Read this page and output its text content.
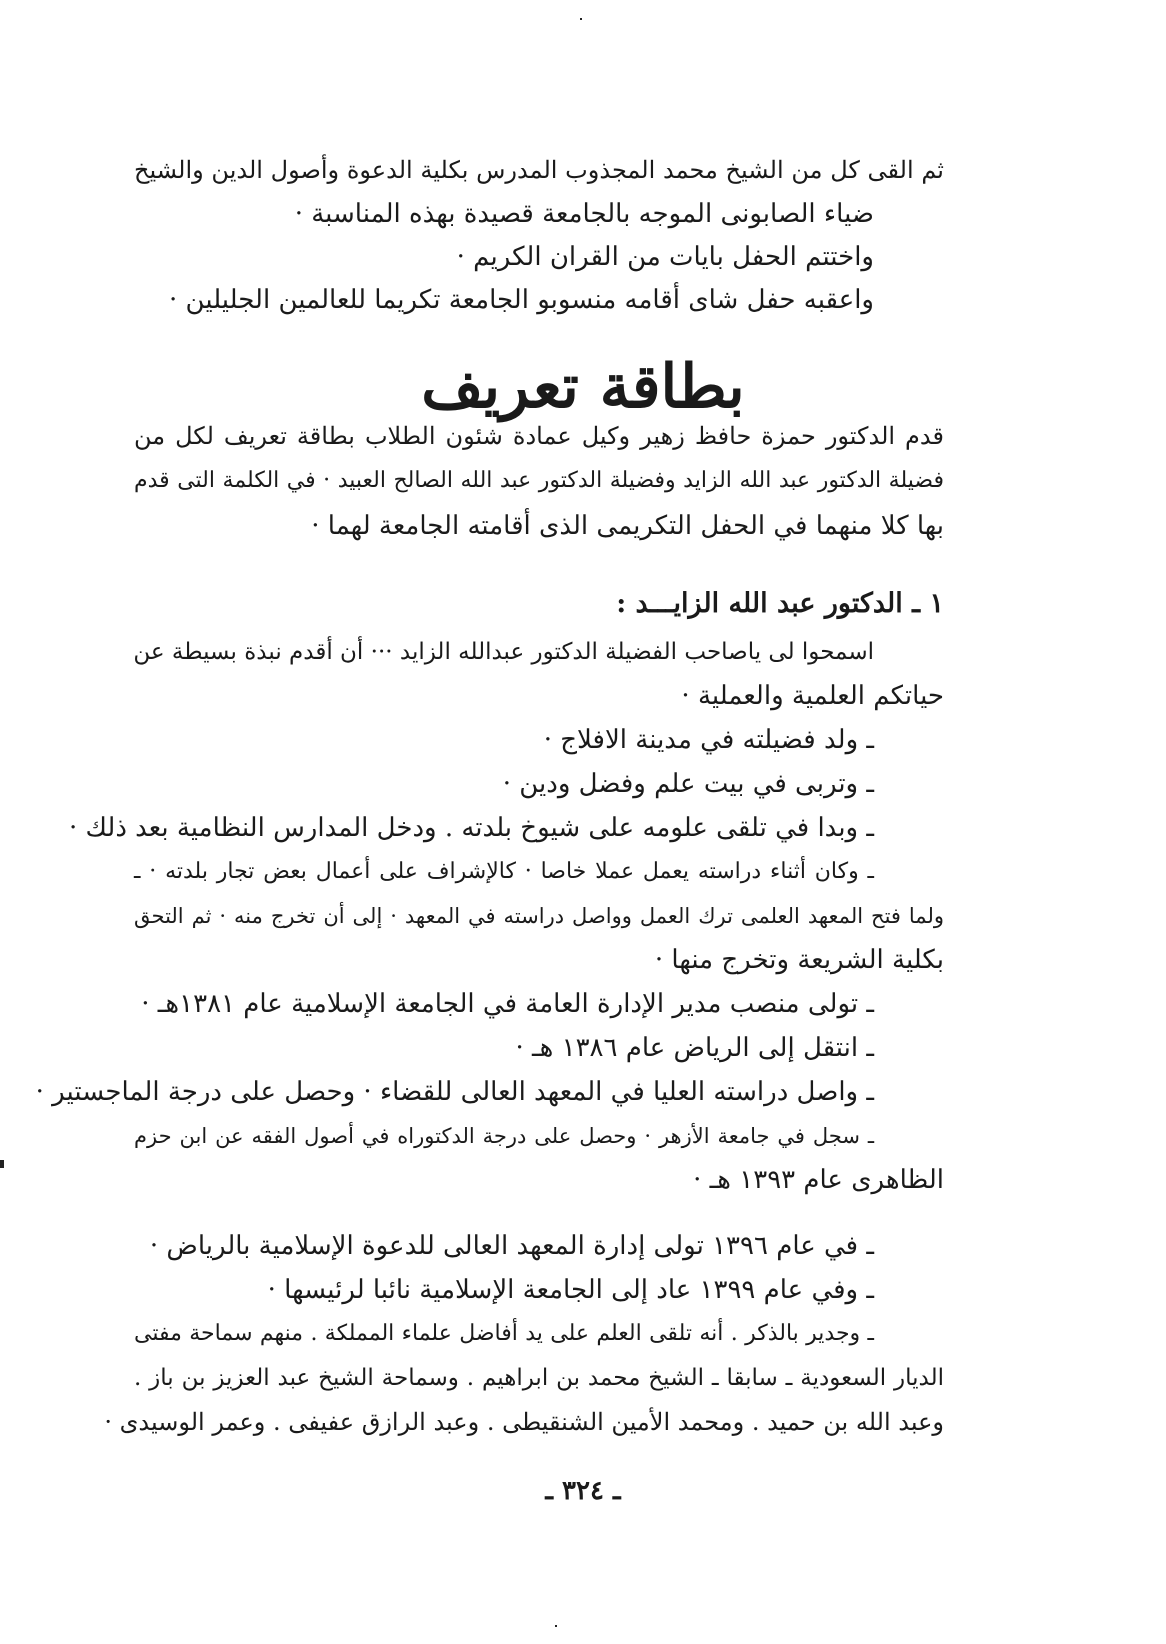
ثم القى كل من الشيخ محمد المجذوب المدرس بكلية الدعوة وأصول الدين والشيخ
ضياء الصابونى الموجه بالجامعة قصيدة بهذه المناسبة ·
واختتم الحفل بايات من القران الكريم ·
واعقبه حفل شاى أقامه منسوبو الجامعة تكريما للعالمين الجليلين ·
بطاقة تعريف
قدم الدكتور حمزة حافظ زهير وكيل عمادة شئون الطلاب بطاقة تعريف لكل من
فضيلة الدكتور عبد الله الزايد وفضيلة الدكتور عبد الله الصالح العبيد · في الكلمة التى قدم
بها كلا منهما في الحفل التكريمى الذى أقامته الجامعة لهما ·
١ ـ الدكتور عبد الله الزايـــد :
اسمحوا لى ياصاحب الفضيلة الدكتور عبدالله الزايد ··· أن أقدم نبذة بسيطة عن
حياتكم العلمية والعملية ·
ـ ولد فضيلته في مدينة الافلاج ·
ـ وتربى في بيت علم وفضل ودين ·
ـ وبدا في تلقى علومه على شيوخ بلدته . ودخل المدارس النظامية بعد ذلك ·
ـ وكان أثناء دراسته يعمل عملا خاصا · كالإشراف على أعمال بعض تجار بلدته · ـ
ولما فتح المعهد العلمى ترك العمل وواصل دراسته في المعهد · إلى أن تخرج منه · ثم التحق
بكلية الشريعة وتخرج منها ·
ـ تولى منصب مدير الإدارة العامة في الجامعة الإسلامية عام ١٣٨١هـ ·
ـ انتقل إلى الرياض عام ١٣٨٦ هـ ·
ـ واصل دراسته العليا في المعهد العالى للقضاء · وحصل على درجة الماجستير ·
ـ سجل في جامعة الأزهر · وحصل على درجة الدكتوراه في أصول الفقه عن ابن حزم
الظاهرى عام ١٣٩٣ هـ ·
ـ في عام ١٣٩٦ تولى إدارة المعهد العالى للدعوة الإسلامية بالرياض ·
ـ وفي عام ١٣٩٩ عاد إلى الجامعة الإسلامية نائبا لرئيسها ·
ـ وجدير بالذكر . أنه تلقى العلم على يد أفاضل علماء المملكة . منهم سماحة مفتى
الديار السعودية ـ سابقا ـ الشيخ محمد بن ابراهيم . وسماحة الشيخ عبد العزيز بن باز .
وعبد الله بن حميد . ومحمد الأمين الشنقيطى . وعبد الرازق عفيفى . وعمر الوسيدى ·
ـ ٣٢٤ ـ
